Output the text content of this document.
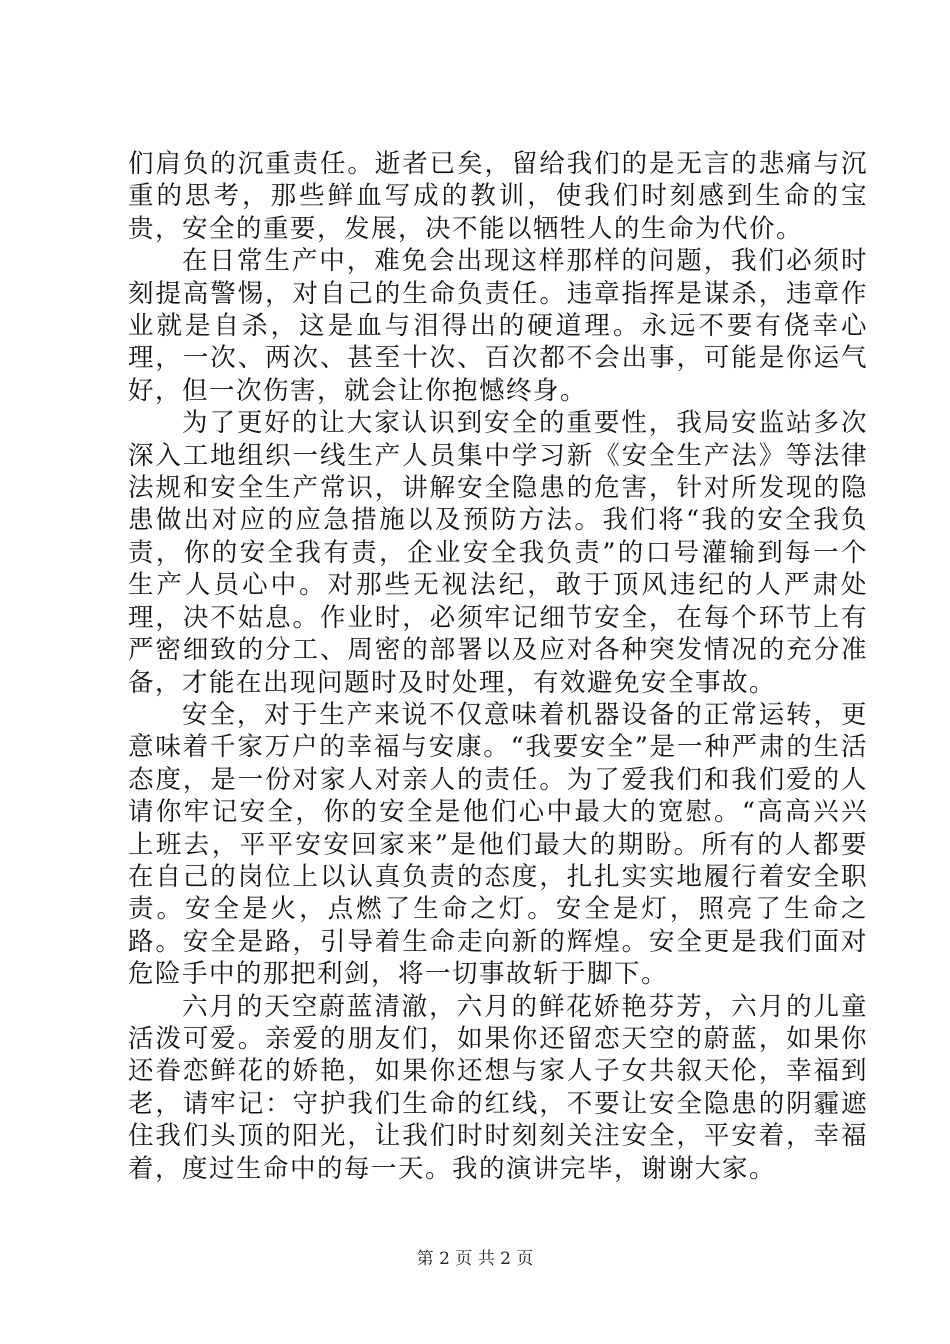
们肩负的沉重责任。逝者已矣，留给我们的是无言的悲痛与沉重的思考，那些鲜血写成的教训，使我们时刻感到生命的宝贵，安全的重要，发展，决不能以牺牲人的生命为代价。

在日常生产中，难免会出现这样那样的问题，我们必须时刻提高警惕，对自己的生命负责任。违章指挥是谋杀，违章作业就是自杀，这是血与泪得出的硬道理。永远不要有侥幸心理，一次、两次、甚至十次、百次都不会出事，可能是你运气好，但一次伤害，就会让你抱憾终身。

为了更好的让大家认识到安全的重要性，我局安监站多次深入工地组织一线生产人员集中学习新《安全生产法》等法律法规和安全生产常识，讲解安全隐患的危害，针对所发现的隐患做出对应的应急措施以及预防方法。我们将“我的安全我负责，你的安全我有责，企业安全我负责”的口号灌输到每一个生产人员心中。对那些无视法纪，敢于顶风违纪的人严肃处理，决不姑息。作业时，必须牢记细节安全，在每个环节上有严密细致的分工、周密的部署以及应对各种突发情况的充分准备，才能在出现问题时及时处理，有效避免安全事故。

安全，对于生产来说不仅意味着机器设备的正常运转，更意味着千家万户的幸福与安康。“我要安全”是一种严肃的生活态度，是一份对家人对亲人的责任。为了爱我们和我们爱的人请你牢记安全，你的安全是他们心中最大的宽慰。“高高兴兴上班去，平平安安回家来”是他们最大的期盼。所有的人都要在自己的岗位上以认真负责的态度，扎扎实实地履行着安全职责。安全是火，点燃了生命之灯。安全是灯，照亮了生命之路。安全是路，引导着生命走向新的辉煌。安全更是我们面对危险手中的那把利剑，将一切事故斩于脚下。

六月的天空蔚蓝清澈，六月的鲜花娇艳芬芳，六月的儿童活泼可爱。亲爱的朋友们，如果你还留恋天空的蔚蓝，如果你还眷恋鲜花的娇艳，如果你还想与家人子女共叙天伦，幸福到老，请牢记：守护我们生命的红线，不要让安全隐患的阴霾遮住我们头顶的阳光，让我们时时刻刻关注安全，平安着，幸福着，度过生命中的每一天。我的演讲完毕，谢谢大家。

第 2 页 共 2 页
